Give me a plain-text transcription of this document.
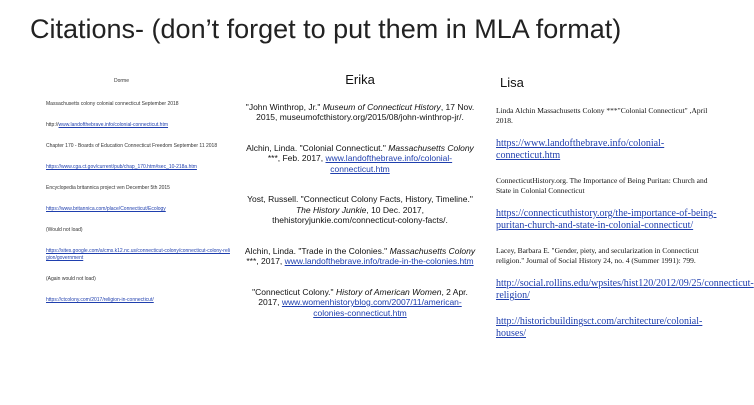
Citations- (don’t forget to put them in MLA format)
Dorme

Massachusetts colony colonial connecticut September 2018

http://www.landofthebrave.info/colonial-connecticut.htm

Chapter 170 - Boards of Education Connecticut Freedom September 11 2018

https://www.cga.ct.gov/current/pub/chap_170.htm#sec_10-218a.htm

Encyclopedia britannica project ven December 5th 2015

https://www.britannica.com/place/Connecticut/Ecology

(Would not load)

https://sites.google.com/a/cms.k12.nc.us/connecticut-colony/connecticut-colony-religion/government

(Again would not load)

https://ctcolony.com/2017/religion-in-connecticut/

Erika

"John Winthrop, Jr." Museum of Connecticut History, 17 Nov. 2015, museumofcthistory.org/2015/08/john-winthrop-jr/.

Alchin, Linda. "Colonial Connecticut." Massachusetts Colony ***, Feb. 2017, www.landofthebrave.info/colonial-connecticut.htm

Yost, Russell. "Connecticut Colony Facts, History, Timeline." The History Junkie, 10 Dec. 2017, thehistoryjunkie.com/connecticut-colony-facts/.

Alchin, Linda. "Trade in the Colonies." Massachusetts Colony ***, 2017, www.landofthebrave.info/trade-in-the-colonies.htm

"Connecticut Colony." History of American Women, 2 Apr. 2017, www.womenhistoryblog.com/2007/11/american-colonies-connecticut.htm

Lisa

Linda Alchin Massachusetts Colony ***"Colonial Connecticut" ,April 2018.

https://www.landofthebrave.info/colonial-connecticut.htm

ConnecticutHistory.org. The Importance of Being Puritan: Church and State in Colonial Connecticut

https://connecticuthistory.org/the-importance-of-being-puritan-church-and-state-in-colonial-connecticut/

Lacey, Barbara E. "Gender, piety, and secularization in Connecticut religion." Journal of Social History 24, no. 4 (Summer 1991): 799.

http://social.rollins.edu/wpsites/hist120/2012/09/25/connecticut-religion/
http://historicbuildingsct.com/architecture/colonial-houses/
